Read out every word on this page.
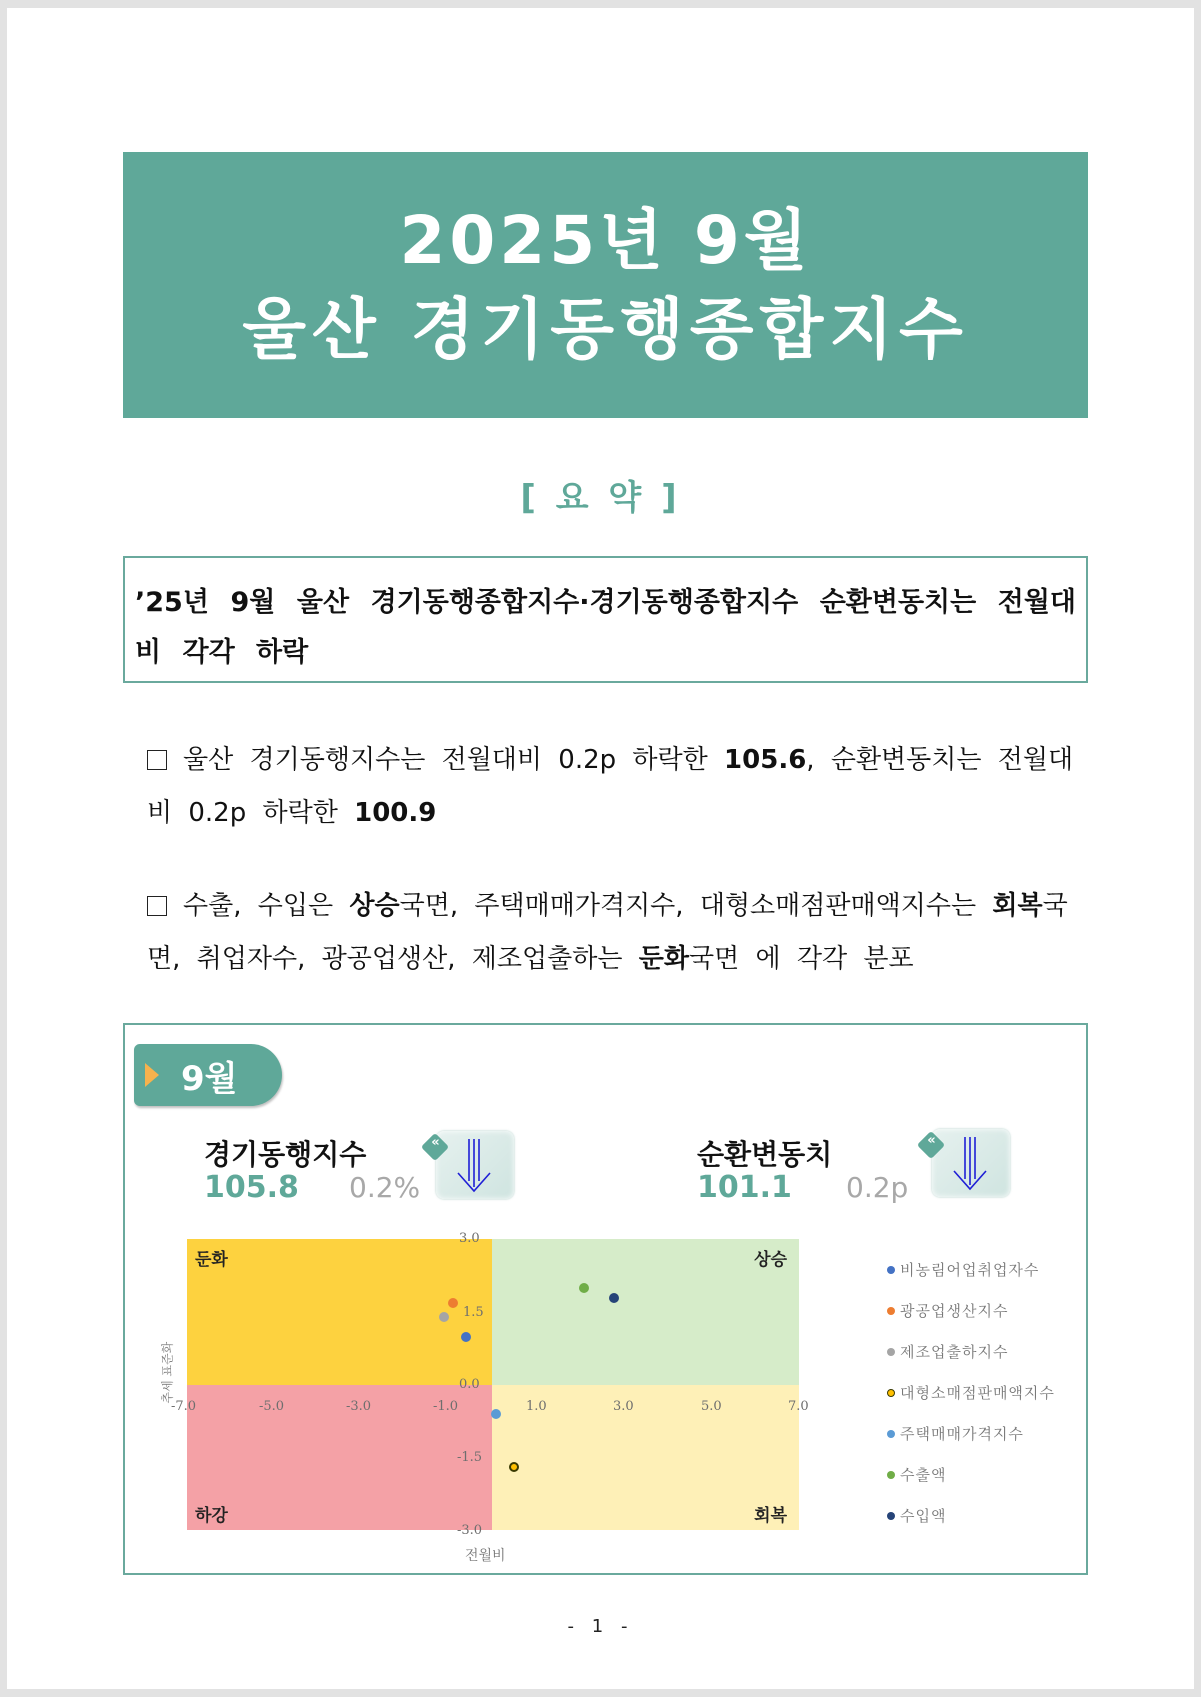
2025년 9월
울산 경기동행종합지수
[ 요 약 ]
’25년 9월 울산 경기동행종합지수·경기동행종합지수 순환변동치는 전월대비 각각 하락
울산 경기동행지수는 전월대비 0.2p 하락한 105.6, 순환변동치는 전월대비 0.2p 하락한 100.9
수출, 수입은 상승국면, 주택매매가격지수, 대형소매점판매액지수는 회복국면, 취업자수, 광공업생산, 제조업출하는 둔화국면 에 각각 분포
9월
경기동행지수
105.8 0.2%
«	순환변동치
101.1 0.2p
«
둔화	상승
하강	회복
3.0
1.5
0.0
-1.5
-3.0
-7.0	-5.0	-3.0	-1.0	1.0	3.0	5.0	7.0
추세 표준화
전월비
비농림어업취업자수
광공업생산지수
제조업출하지수
대형소매점판매액지수
주택매매가격지수
수출액
수입액
- 1 -
